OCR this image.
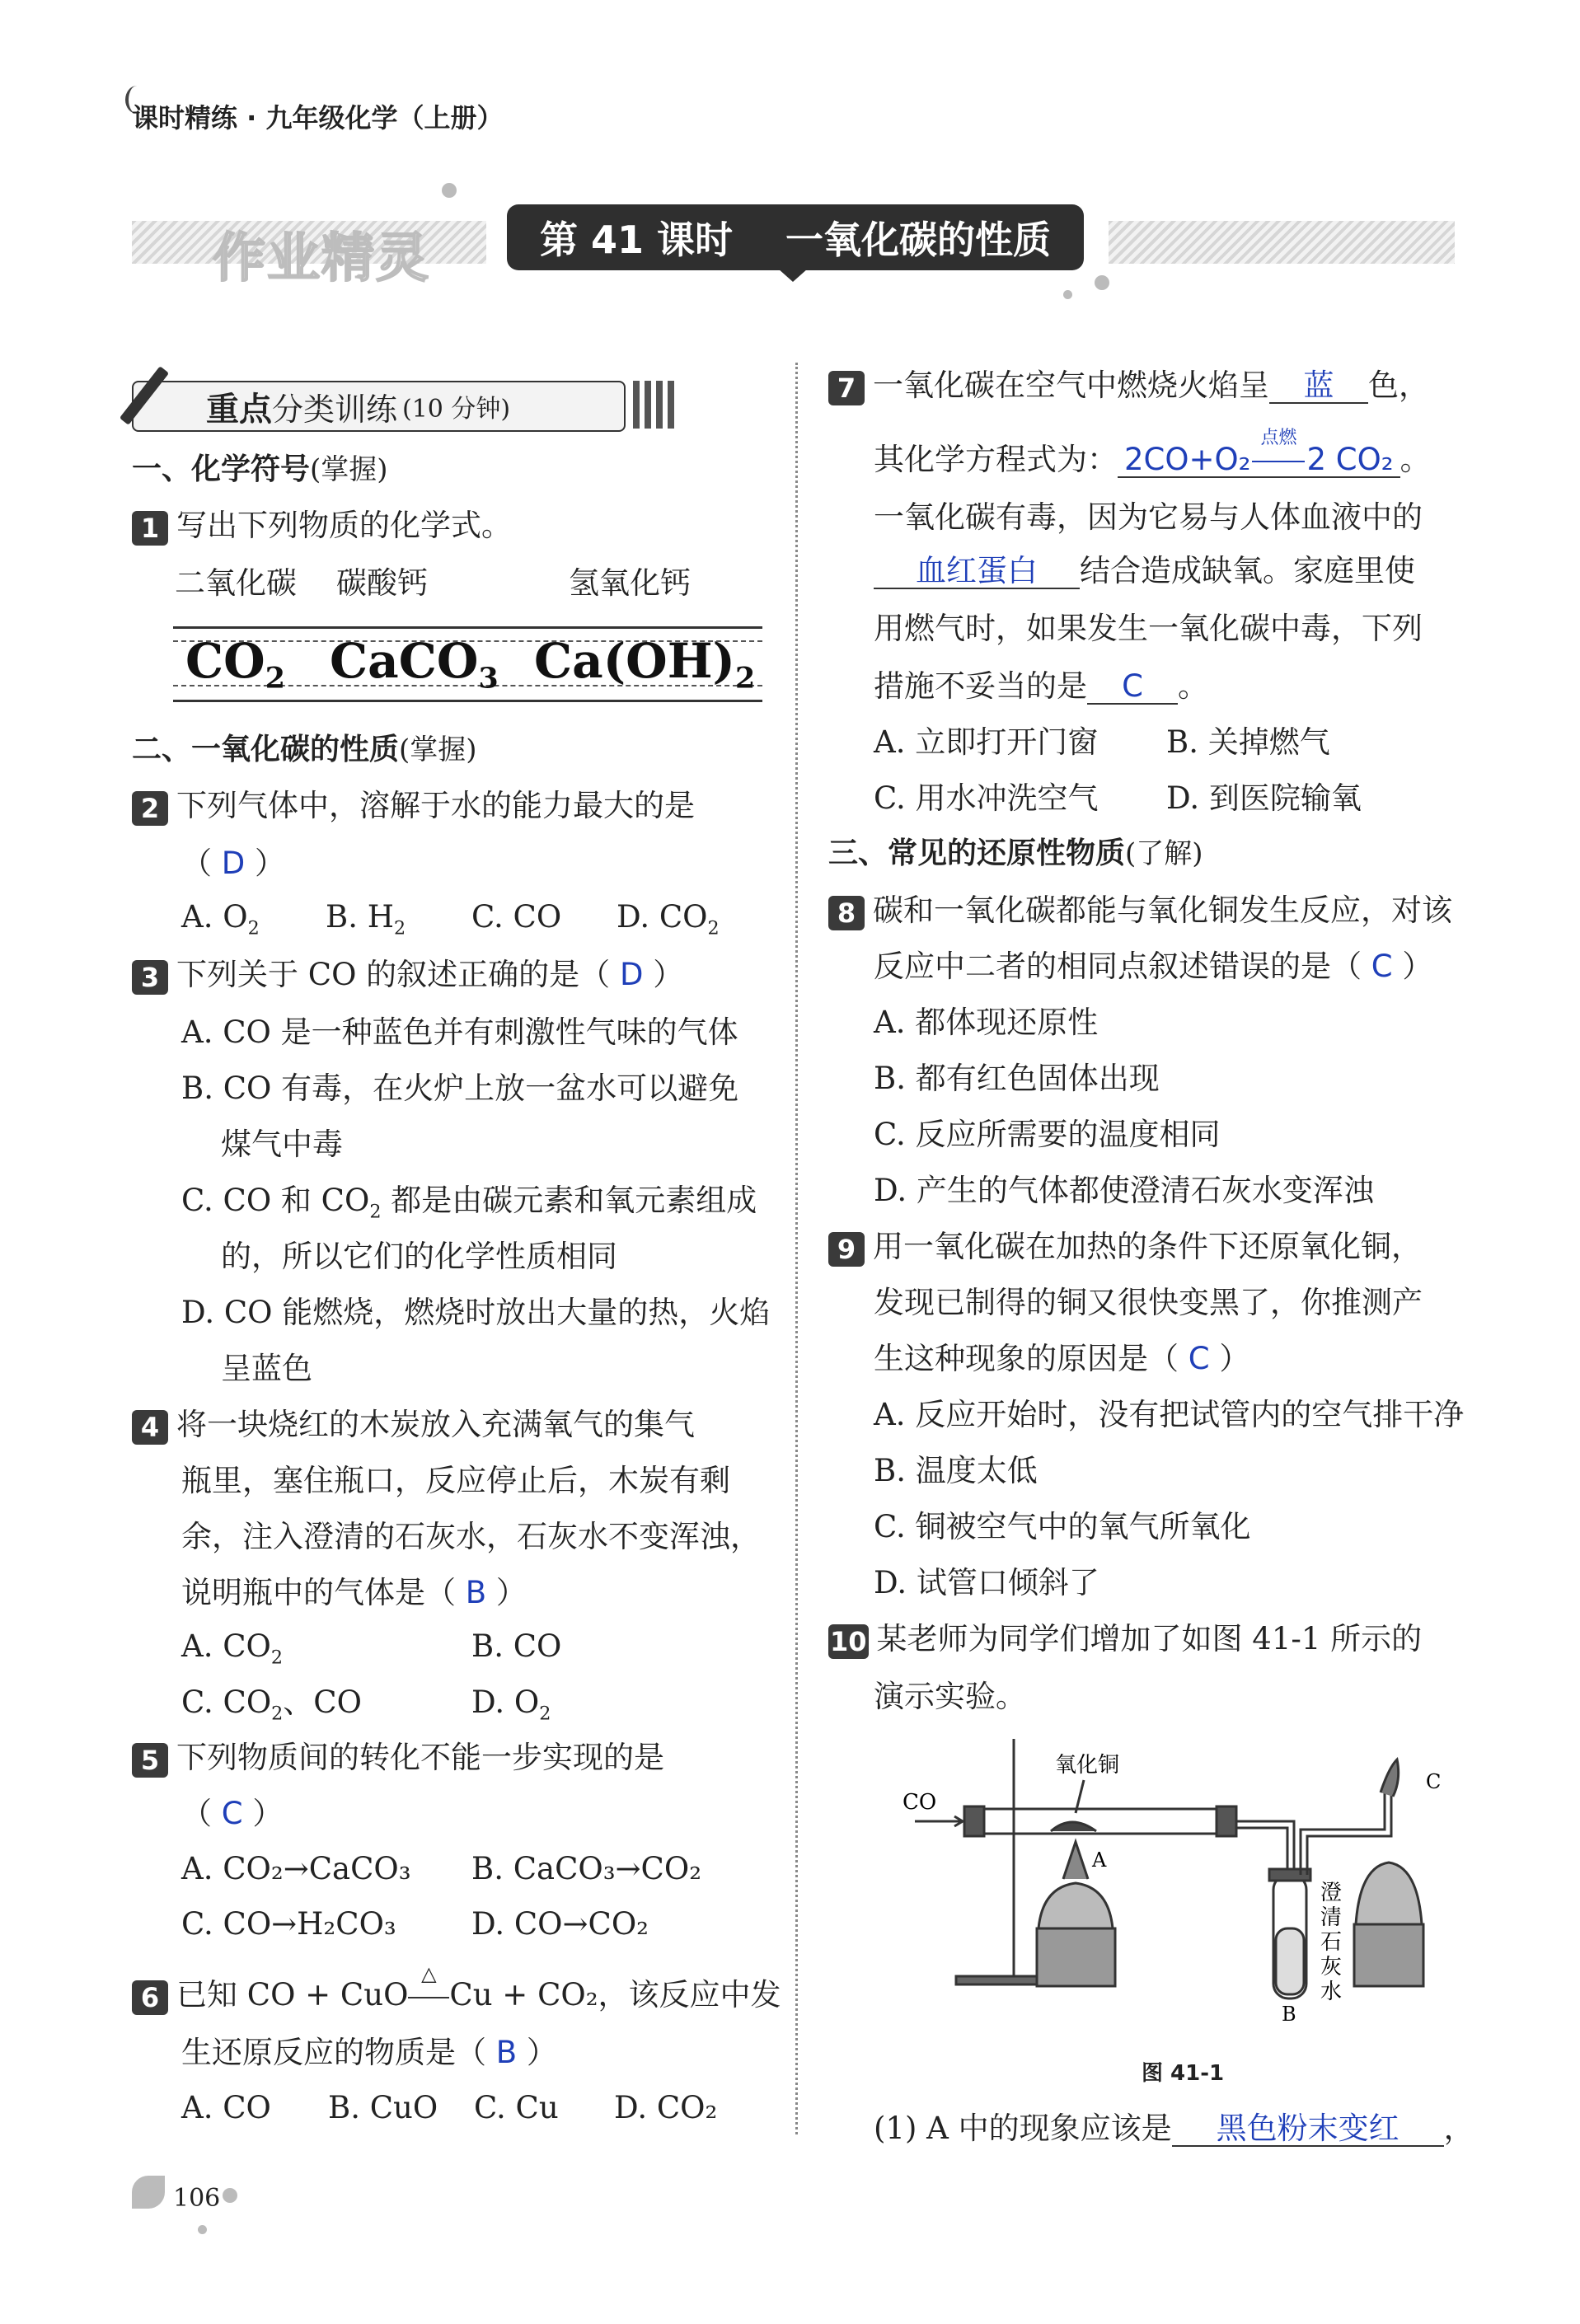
课时精练 · 九年级化学（上册）
作业精灵	第 41 课时
一氧化碳的性质
重点 分类训练 (10 分钟)
一、化学符号(掌握)
1 写出下列物质的化学式。
二氧化碳 碳酸钙	氢氧化钙
$CO_2$ CaCO$_3$ $Ca(OH)_2$
二、一氧化碳的性质(掌握)
2 下列气体中，溶解于水的能力最大的是
（ D ）
A. $O_2$ B. $H_2$ C. CO D. $CO_2$
3 下列关于 CO 的叙述正确的是（ D ）
A. CO 是一种蓝色并有刺激性气味的气体
B. CO 有毒，在火炉上放一盆水可以避免
煤气中毒
C. CO 和 $CO_2$ 都是由碳元素和氧元素组成
的，所以它们的化学性质相同
D. CO 能燃烧，燃烧时放出大量的热，火焰
呈蓝色
4 将一块烧红的木炭放入充满氧气的集气
瓶里，塞住瓶口，反应停止后，木炭有剩
余，注入澄清的石灰水，石灰水不变浑浊，
说明瓶中的气体是（ B ）
A. $CO_2$	B. CO
C. $CO_2$、CO	D. $O_2$
5 下列物质间的转化不能一步实现的是
（ C ）
A. CO₂→CaCO₃ B. CaCO₃→CO₂
C. CO→H₂CO₃ D. CO→CO₂
6 已知 CO + CuO
△
Cu + CO₂，该反应中发
生还原反应的物质是（ B ）
A. CO B. CuO C. Cu D. CO₂
7 一氧化碳在空气中燃烧火焰呈 蓝 色，
其化学方程式为： 2CO+O₂
点燃
2 CO₂ 。
一氧化碳有毒，因为它易与人体血液中的
血红蛋白 结合造成缺氧。家庭里使
用燃气时，如果发生一氧化碳中毒，下列
措施不妥当的是 C 。
A. 立即打开门窗 B. 关掉燃气
C. 用水冲洗空气 D. 到医院输氧
三、常见的还原性物质(了解)
8 碳和一氧化碳都能与氧化铜发生反应，对该
反应中二者的相同点叙述错误的是（ C ）
A. 都体现还原性
B. 都有红色固体出现
C. 反应所需要的温度相同
D. 产生的气体都使澄清石灰水变浑浊
9 用一氧化碳在加热的条件下还原氧化铜，
发现已制得的铜又很快变黑了，你推测产
生这种现象的原因是（ C ）
A. 反应开始时，没有把试管内的空气排干净
B. 温度太低
C. 铜被空气中的氧气所氧化
D. 试管口倾斜了
10 某老师为同学们增加了如图 41-1 所示的
演示实验。
CO
氧化铜
A
B
C
澄
清
石
灰
水
图 41-1
(1) A 中的现象应该是 黑色粉末变红 ，
106
